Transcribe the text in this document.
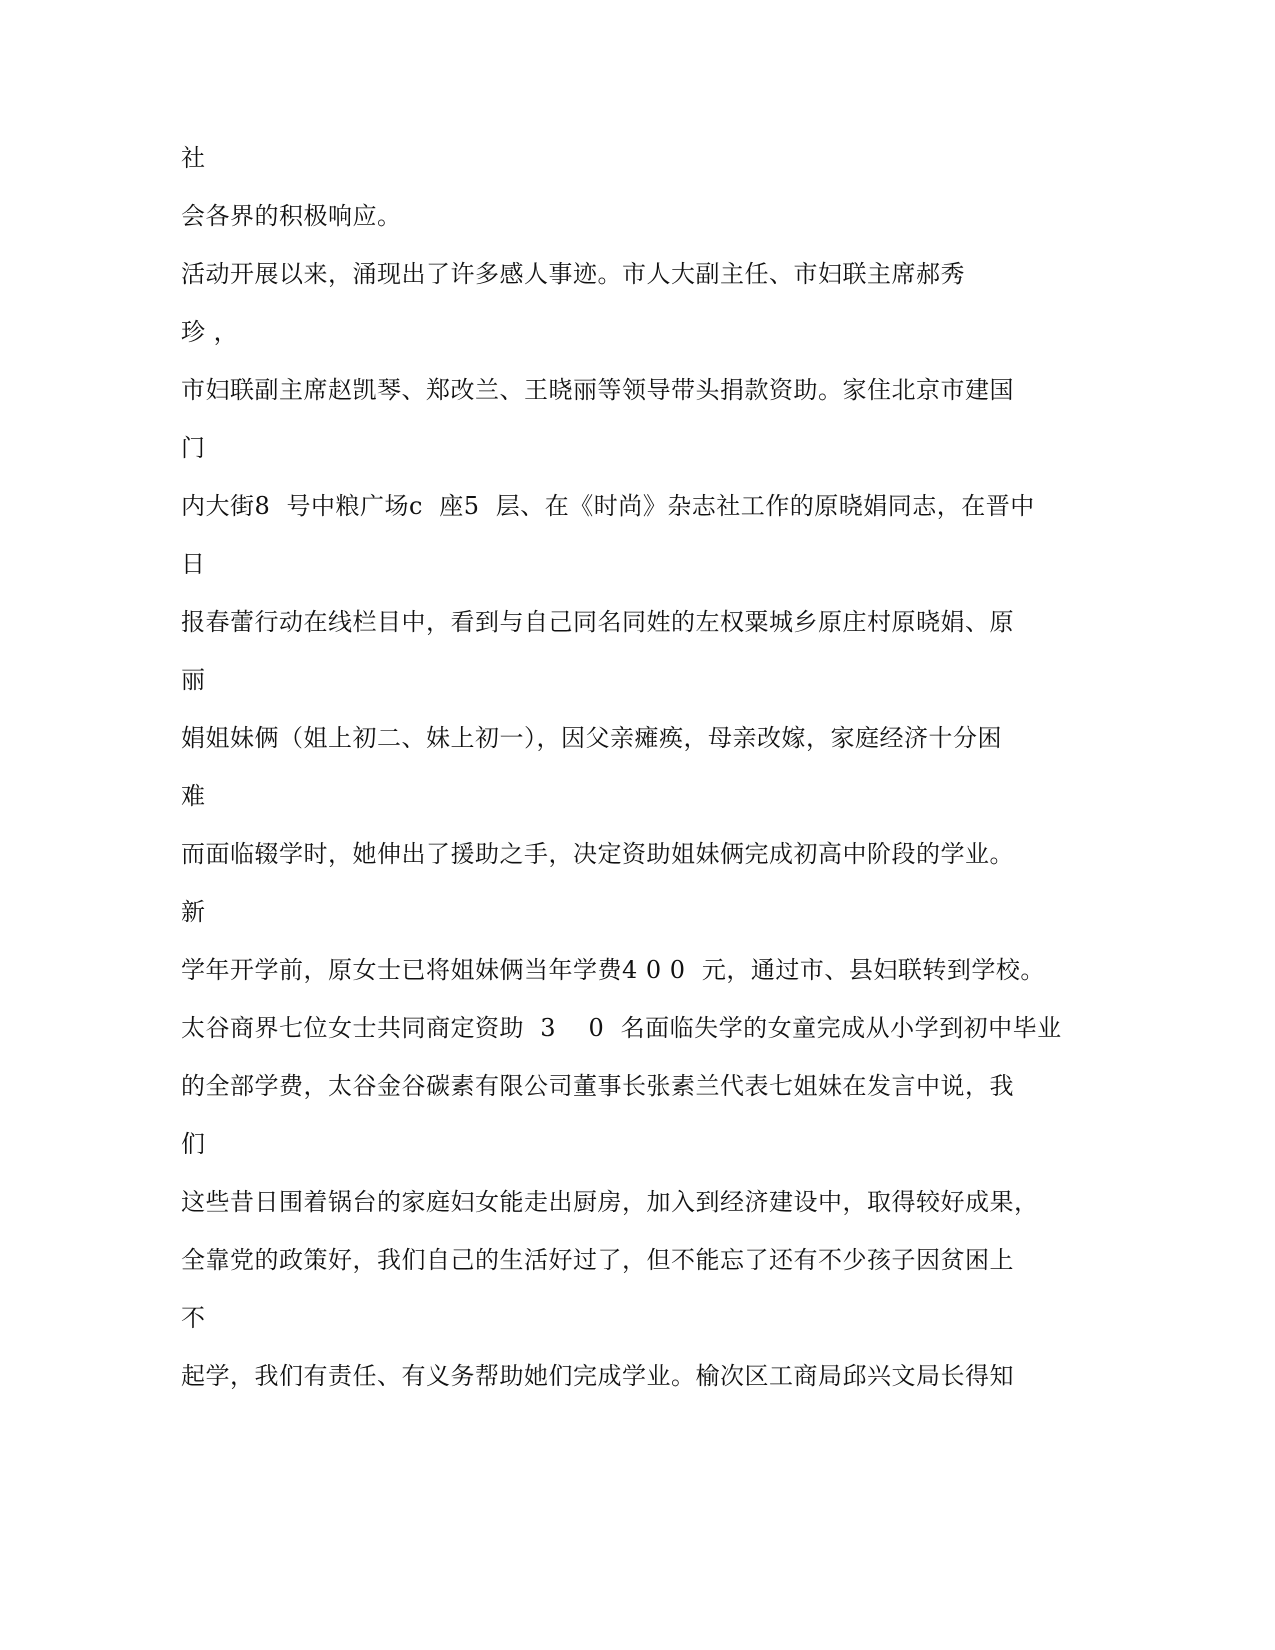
社
会各界的积极响应。
活动开展以来，涌现出了许多感人事迹。市人大副主任、市妇联主席郝秀
珍 ，
市妇联副主席赵凯琴、郑改兰、王晓丽等领导带头捐款资助。家住北京市建国
门
内大街8  号中粮广场c  座5  层、在《时尚》杂志社工作的原晓娟同志，在晋中
日
报春蕾行动在线栏目中，看到与自己同名同姓的左权粟城乡原庄村原晓娟、原
丽
娟姐妹俩（姐上初二、妹上初一），因父亲瘫痪，母亲改嫁，家庭经济十分困
难
而面临辍学时，她伸出了援助之手，决定资助姐妹俩完成初高中阶段的学业。
新
学年开学前，原女士已将姐妹俩当年学费4 0 0  元，通过市、县妇联转到学校。
太谷商界七位女士共同商定资助  3    0  名面临失学的女童完成从小学到初中毕业
的全部学费，太谷金谷碳素有限公司董事长张素兰代表七姐妹在发言中说，我
们
这些昔日围着锅台的家庭妇女能走出厨房，加入到经济建设中，取得较好成果，
全靠党的政策好，我们自己的生活好过了，但不能忘了还有不少孩子因贫困上
不
起学，我们有责任、有义务帮助她们完成学业。榆次区工商局邱兴文局长得知
